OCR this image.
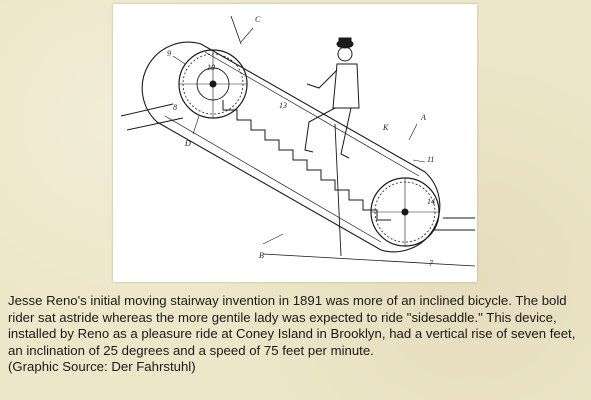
C
9
10
8
D
13
A
K
11
B
14
7

Jesse Reno's initial moving stairway invention in 1891 was more of an inclined bicycle. The bold rider sat astride whereas the more gentile lady was expected to ride "sidesaddle." This device, installed by Reno as a pleasure ride at Coney Island in Brooklyn, had a vertical rise of seven feet, an inclination of 25 degrees and a speed of 75 feet per minute.

(Graphic Source: Der Fahrstuhl)
